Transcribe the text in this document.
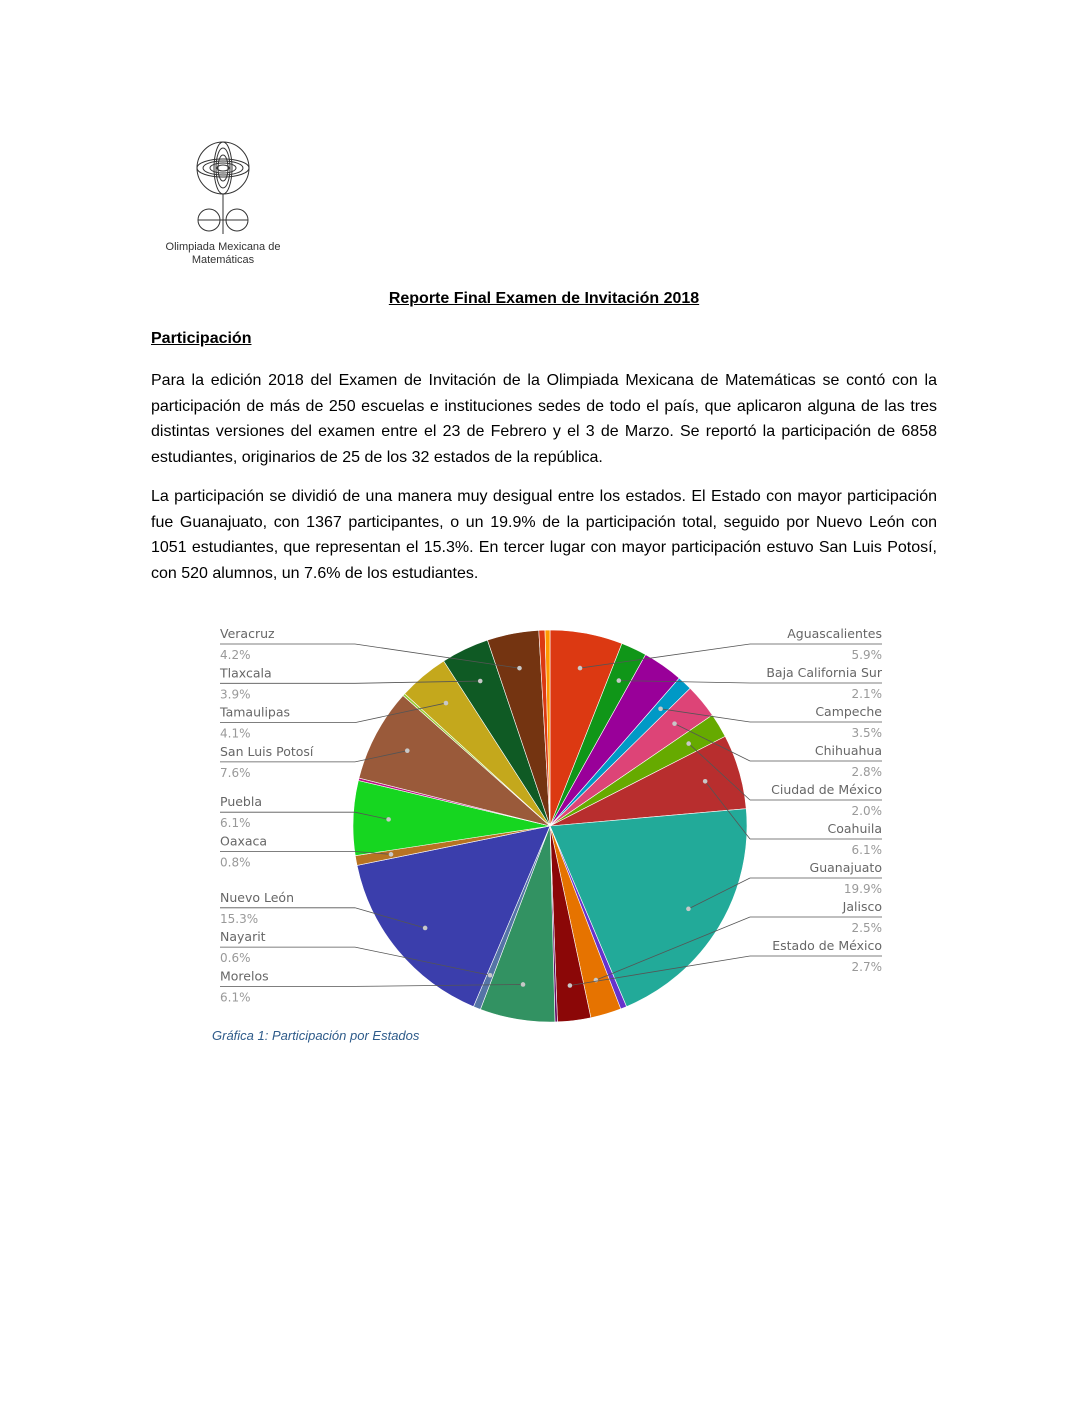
Olimpiada Mexicana de
Matemáticas
Reporte Final Examen de Invitación 2018
Participación
Para la edición 2018 del Examen de Invitación de la Olimpiada Mexicana de Matemáticas se contó con la participación de más de 250 escuelas e instituciones sedes de todo el país, que aplicaron alguna de las tres distintas versiones del examen entre el 23 de Febrero y el 3 de Marzo. Se reportó la participación de 6858 estudiantes, originarios de 25 de los 32 estados de la república.
La participación se dividió de una manera muy desigual entre los estados. El Estado con mayor participación fue Guanajuato, con 1367 participantes, o un 19.9% de la participación total, seguido por Nuevo León con 1051 estudiantes, que representan el 15.3%. En tercer lugar con mayor participación estuvo San Luis Potosí, con 520 alumnos, un 7.6% de los estudiantes.
Aguascalientes
5.9%
Baja California Sur
2.1%
Campeche
3.5%
Chihuahua
2.8%
Ciudad de México
2.0%
Coahuila
6.1%
Guanajuato
19.9%
Jalisco
2.5%
Estado de México
2.7%
Veracruz
4.2%
Tlaxcala
3.9%
Tamaulipas
4.1%
San Luis Potosí
7.6%
Puebla
6.1%
Oaxaca
0.8%
Nuevo León
15.3%
Nayarit
0.6%
Morelos
6.1%
Gráfica 1: Participación por Estados
